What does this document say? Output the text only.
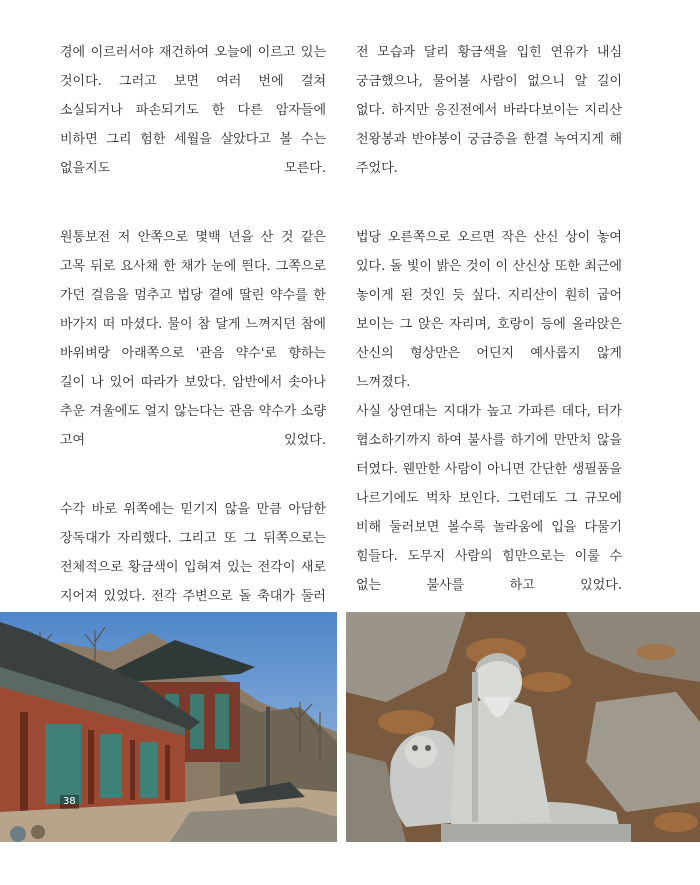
경에 이르러서야 재건하여 오늘에 이르고 있는 것이다. 그러고 보면 여러 번에 걸쳐 소실되거나 파손되기도 한 다른 암자들에 비하면 그리 험한 세월을 살았다고 볼 수는 없을지도 모른다.

원통보전 저 안쪽으로 몇백 년을 산 것 같은 고목 뒤로 요사채 한 채가 눈에 띈다. 그쪽으로 가던 걸음을 멈추고 법당 곁에 딸린 약수를 한 바가지 떠 마셨다. 물이 참 달게 느껴지던 참에 바위벼랑 아래쪽으로 '관음 약수'로 향하는 길이 나 있어 따라가 보았다. 암반에서 솟아나 추운 겨울에도 얼지 않는다는 관음 약수가 소량 고여 있었다.

수각 바로 위쪽에는 믿기지 않을 만큼 아담한 장독대가 자리했다. 그리고 또 그 뒤쪽으로는 전체적으로 황금색이 입혀져 있는 전각이 새로 지어져 있었다. 전각 주변으로 돌 축대가 둘러

전 모습과 달리 황금색을 입힌 연유가 내심 궁금했으나, 물어볼 사람이 없으니 알 길이 없다. 하지만 응진전에서 바라다보이는 지리산 천왕봉과 반야봉이 궁금증을 한결 녹여지게 해 주었다.

법당 오른쪽으로 오르면 작은 산신 상이 놓여 있다. 돌 빛이 밝은 것이 이 산신상 또한 최근에 놓이게 된 것인 듯 싶다. 지리산이 훤히 굽어 보이는 그 앉은 자리며, 호랑이 등에 올라앉은 산신의 형상만은 어딘지 예사롭지 않게 느껴졌다.

사실 상연대는 지대가 높고 가파른 데다, 터가 협소하기까지 하여 불사를 하기에 만만치 않을 터였다. 웬만한 사람이 아니면 간단한 생필품을 나르기에도 벅차 보인다. 그런데도 그 규모에 비해 둘러보면 볼수록 놀라움에 입을 다물기 힘들다. 도무지 사람의 힘만으로는 이룰 수 없는 불사를 하고 있었다.

38
